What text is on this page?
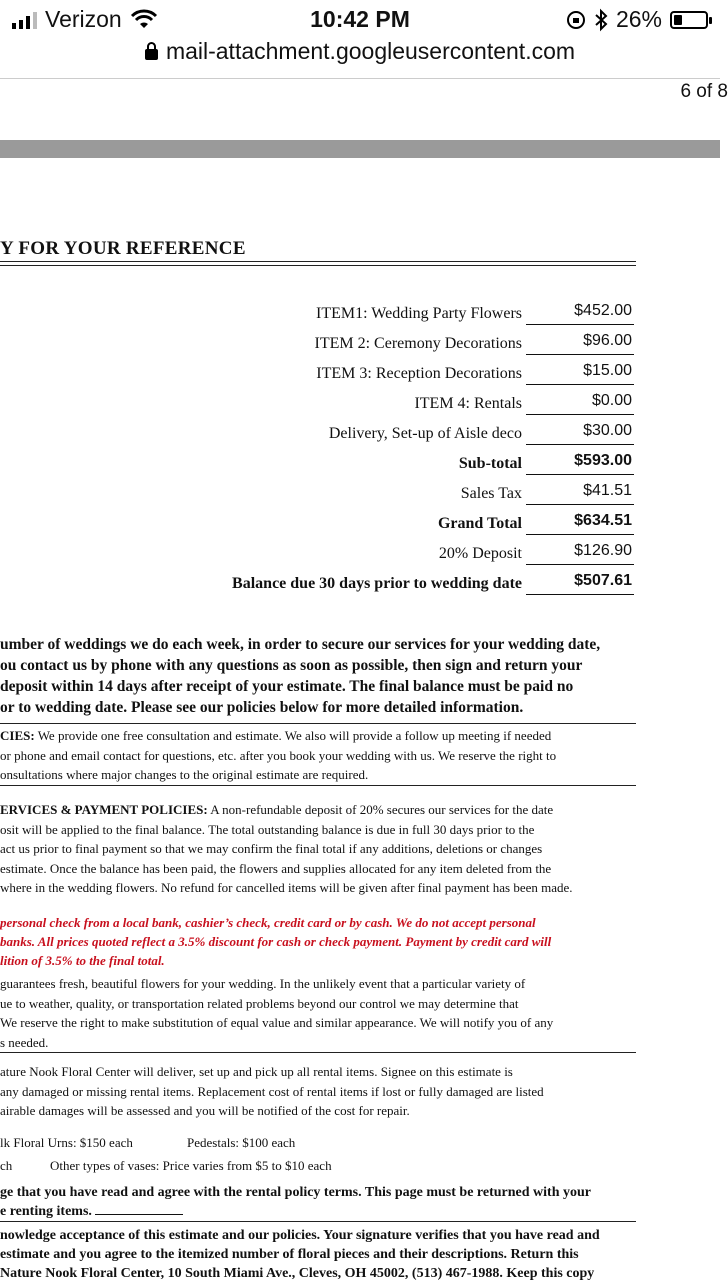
Verizon	10:42 PM	26%
mail-attachment.googleusercontent.com
6 of 8
Y FOR YOUR REFERENCE
ITEM1: Wedding Party Flowers	$452.00
ITEM 2: Ceremony Decorations	$96.00
ITEM 3: Reception Decorations	$15.00
ITEM 4: Rentals	$0.00
Delivery, Set-up of Aisle deco	$30.00
Sub-total	$593.00
Sales Tax	$41.51
Grand Total	$634.51
20% Deposit	$126.90
Balance due 30 days prior to wedding date	$507.61
umber of weddings we do each week, in order to secure our services for your wedding date,
ou contact us by phone with any questions as soon as possible, then sign and return your
deposit within 14 days after receipt of your estimate. The final balance must be paid no
or to wedding date. Please see our policies below for more detailed information.
CIES: We provide one free consultation and estimate. We also will provide a follow up meeting if needed
or phone and email contact for questions, etc. after you book your wedding with us. We reserve the right to
onsultations where major changes to the original estimate are required.
ERVICES & PAYMENT POLICIES: A non-refundable deposit of 20% secures our services for the date
osit will be applied to the final balance. The total outstanding balance is due in full 30 days prior to the
act us prior to final payment so that we may confirm the final total if any additions, deletions or changes
estimate. Once the balance has been paid, the flowers and supplies allocated for any item deleted from the
where in the wedding flowers. No refund for cancelled items will be given after final payment has been made.
personal check from a local bank, cashier’s check, credit card or by cash. We do not accept personal
banks. All prices quoted reflect a 3.5% discount for cash or check payment. Payment by credit card will
lition of 3.5% to the final total.
guarantees fresh, beautiful flowers for your wedding. In the unlikely event that a particular variety of
ue to weather, quality, or transportation related problems beyond our control we may determine that
We reserve the right to make substitution of equal value and similar appearance. We will notify you of any
s needed.
ature Nook Floral Center will deliver, set up and pick up all rental items. Signee on this estimate is
any damaged or missing rental items. Replacement cost of rental items if lost or fully damaged are listed
airable damages will be assessed and you will be notified of the cost for repair.
lk Floral Urns: $150 each	Pedestals: $100 each
ch	Other types of vases: Price varies from $5 to $10 each
ge that you have read and agree with the rental policy terms. This page must be returned with your
e renting items.
nowledge acceptance of this estimate and our policies. Your signature verifies that you have read and
estimate and you agree to the itemized number of floral pieces and their descriptions. Return this
Nature Nook Floral Center, 10 South Miami Ave., Cleves, OH 45002, (513) 467-1988. Keep this copy
